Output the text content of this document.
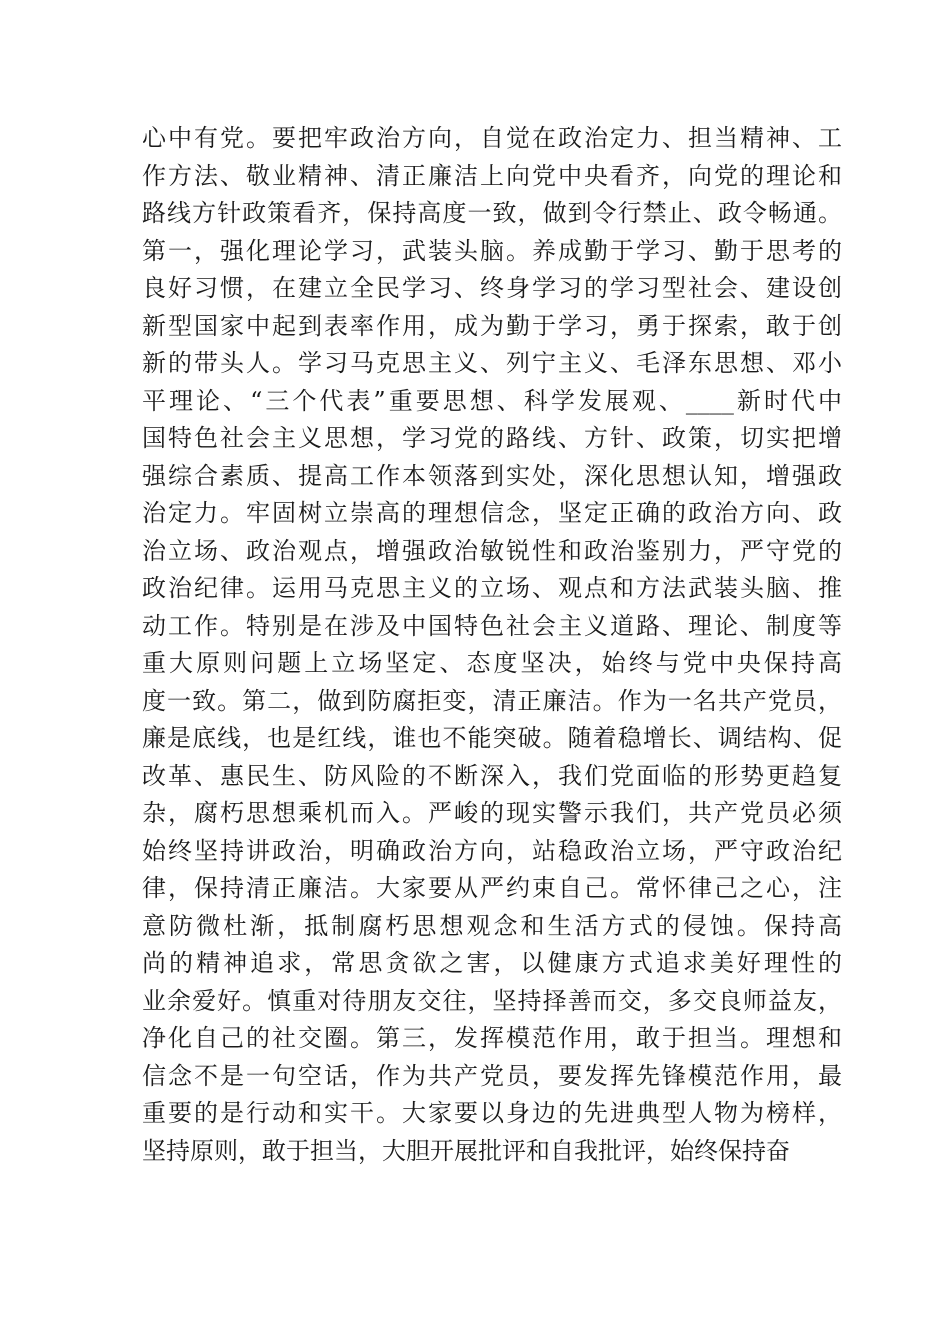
心中有党。要把牢政治方向，自觉在政治定力、担当精神、工
作方法、敬业精神、清正廉洁上向党中央看齐，向党的理论和
路线方针政策看齐，保持高度一致，做到令行禁止、政令畅通。
第一，强化理论学习，武装头脑。养成勤于学习、勤于思考的
良好习惯，在建立全民学习、终身学习的学习型社会、建设创
新型国家中起到表率作用，成为勤于学习，勇于探索，敢于创
新的带头人。学习马克思主义、列宁主义、毛泽东思想、邓小
平理论、“三个代表”重要思想、科学发展观、____新时代中
国特色社会主义思想，学习党的路线、方针、政策，切实把增
强综合素质、提高工作本领落到实处，深化思想认知，增强政
治定力。牢固树立崇高的理想信念，坚定正确的政治方向、政
治立场、政治观点，增强政治敏锐性和政治鉴别力，严守党的
政治纪律。运用马克思主义的立场、观点和方法武装头脑、推
动工作。特别是在涉及中国特色社会主义道路、理论、制度等
重大原则问题上立场坚定、态度坚决，始终与党中央保持高
度一致。第二，做到防腐拒变，清正廉洁。作为一名共产党员，
廉是底线，也是红线，谁也不能突破。随着稳增长、调结构、促
改革、惠民生、防风险的不断深入，我们党面临的形势更趋复
杂，腐朽思想乘机而入。严峻的现实警示我们，共产党员必须
始终坚持讲政治，明确政治方向，站稳政治立场，严守政治纪
律，保持清正廉洁。大家要从严约束自己。常怀律己之心，注
意防微杜渐，抵制腐朽思想观念和生活方式的侵蚀。保持高
尚的精神追求，常思贪欲之害，以健康方式追求美好理性的
业余爱好。慎重对待朋友交往，坚持择善而交，多交良师益友，
净化自己的社交圈。第三，发挥模范作用，敢于担当。理想和
信念不是一句空话，作为共产党员，要发挥先锋模范作用，最
重要的是行动和实干。大家要以身边的先进典型人物为榜样，
坚持原则，敢于担当，大胆开展批评和自我批评，始终保持奋
